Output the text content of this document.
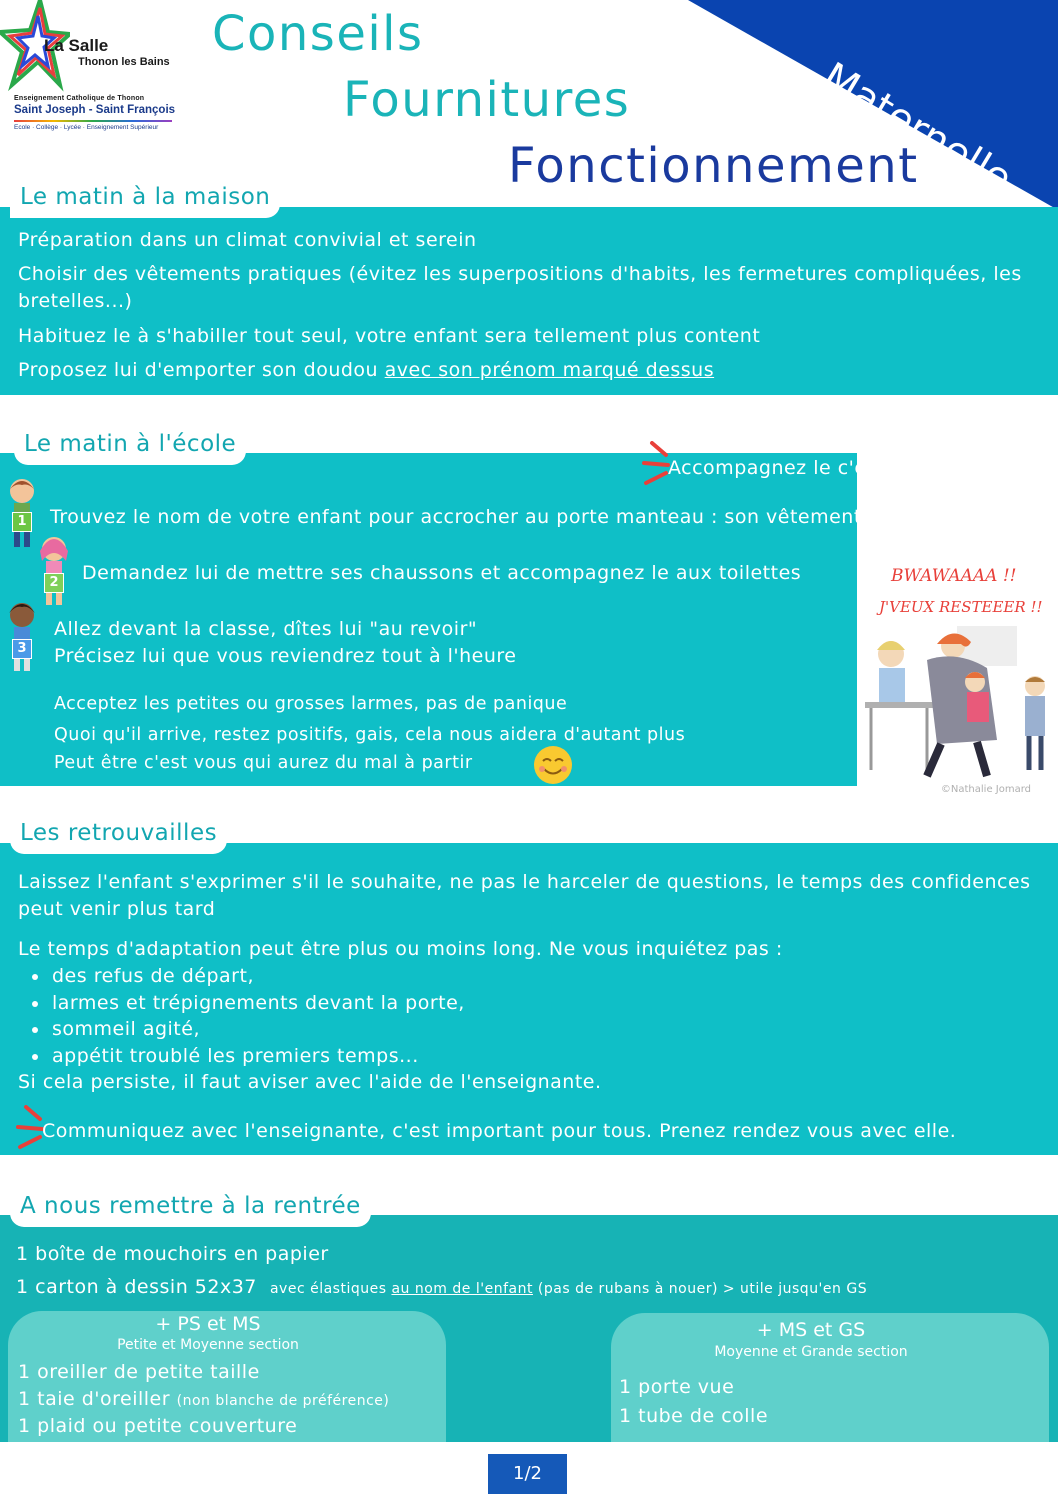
La Salle
Thonon les Bains
Enseignement Catholique de Thonon
Saint Joseph - Saint François
Ecole · Collège · Lycée · Enseignement Supérieur
Conseils
Fournitures
Fonctionnement
Maternelle
Préparation dans un climat convivial et serein
Choisir des vêtements pratiques (évitez les superpositions d'habits, les fermetures compliquées, les bretelles...)
Habituez le à s'habiller tout seul, votre enfant sera tellement plus content
Proposez lui d'emporter son doudou avec son prénom marqué dessus
Le matin à la maison
Accompagnez le c'est un grand jour
1 Trouvez le nom de votre enfant pour accrocher au porte manteau : son vêtement et son sac
2 Demandez lui de mettre ses chaussons et accompagnez le aux toilettes
3
Allez devant la classe, dîtes lui "au revoir"
Précisez lui que vous reviendrez tout à l'heure
Acceptez les petites ou grosses larmes, pas de panique
Quoi qu'il arrive, restez positifs, gais, cela nous aidera d'autant plus
Peut être c'est vous qui aurez du mal à partir
Le matin à l'école
BWAWAAAA !!
J'VEUX RESTEEER !!
©Nathalie Jomard
Laissez l'enfant s'exprimer s'il le souhaite, ne pas le harceler de questions, le temps des confidences peut venir plus tard
Le temps d'adaptation peut être plus ou moins long. Ne vous inquiétez pas :
• des refus de départ,
• larmes et trépignements devant la porte,
• sommeil agité,
• appétit troublé les premiers temps...
Si cela persiste, il faut aviser avec l'aide de l'enseignante.
Communiquez avec l'enseignante, c'est important pour tous. Prenez rendez vous avec elle.
Les retrouvailles
1 boîte de mouchoirs en papier
1 carton à dessin 52x37 avec élastiques au nom de l'enfant (pas de rubans à nouer) > utile jusqu'en GS
+ PS et MS
Petite et Moyenne section
1 oreiller de petite taille
1 taie d'oreiller (non blanche de préférence)
1 plaid ou petite couverture
+ MS et GS
Moyenne et Grande section
1 porte vue
1 tube de colle
A nous remettre à la rentrée
1/2
